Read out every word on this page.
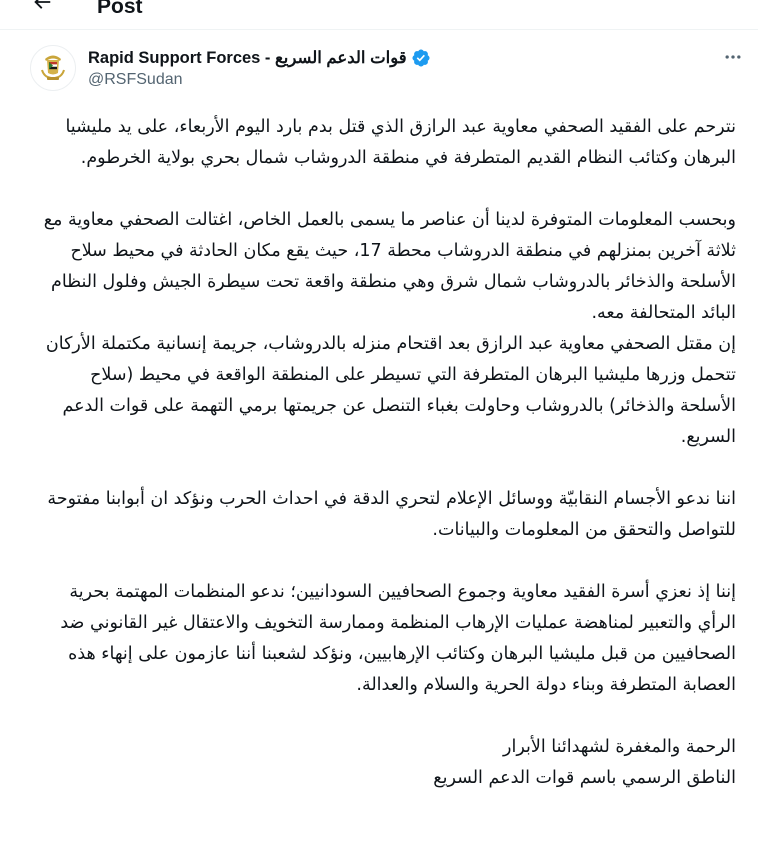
Post
Rapid Support Forces - قوات الدعم السريع
@RSFSudan

نترحم على الفقيد الصحفي معاوية عبد الرازق الذي قتل بدم بارد اليوم الأربعاء، على يد مليشيا البرهان وكتائب النظام القديم المتطرفة في منطقة الدروشاب شمال بحري بولاية الخرطوم.

وبحسب المعلومات المتوفرة لدينا أن عناصر ما يسمى بالعمل الخاص، اغتالت الصحفي معاوية مع ثلاثة آخرين بمنزلهم في منطقة الدروشاب محطة 17، حيث يقع مكان الحادثة في محيط سلاح الأسلحة والذخائر بالدروشاب شمال شرق وهي منطقة واقعة تحت سيطرة الجيش وفلول النظام البائد المتحالفة معه.

إن مقتل الصحفي معاوية عبد الرازق بعد اقتحام منزله بالدروشاب، جريمة إنسانية مكتملة الأركان تتحمل وزرها مليشيا البرهان المتطرفة التي تسيطر على المنطقة الواقعة في محيط (سلاح الأسلحة والذخائر) بالدروشاب وحاولت بغباء التنصل عن جريمتها برمي التهمة على قوات الدعم السريع.

اننا ندعو الأجسام النقابيّة ووسائل الإعلام لتحري الدقة في احداث الحرب ونؤكد ان أبوابنا مفتوحة للتواصل والتحقق من المعلومات والبيانات.

إننا إذ نعزي أسرة الفقيد معاوية وجموع الصحافيين السودانيين؛ ندعو المنظمات المهتمة بحرية الرأي والتعبير لمناهضة عمليات الإرهاب المنظمة وممارسة التخويف والاعتقال غير القانوني ضد الصحافيين من قبل مليشيا البرهان وكتائب الإرهابيين، ونؤكد لشعبنا أننا عازمون على إنهاء هذه العصابة المتطرفة وبناء دولة الحرية والسلام والعدالة.

الرحمة والمغفرة لشهدائنا الأبرار

الناطق الرسمي باسم قوات الدعم السريع
